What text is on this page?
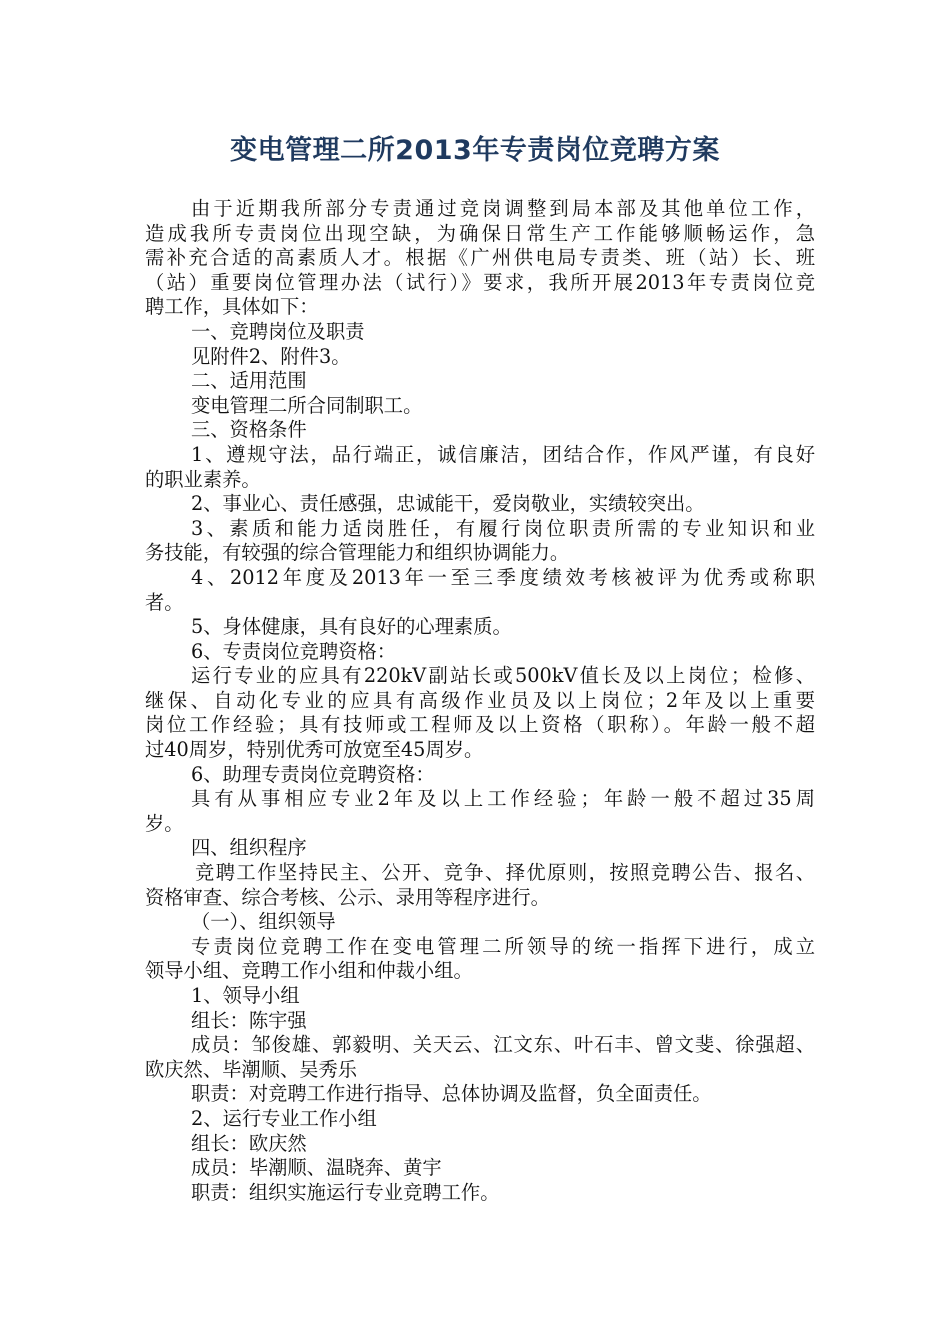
变电管理二所2013年专责岗位竞聘方案
由于近期我所部分专责通过竞岗调整到局本部及其他单位工作，
造成我所专责岗位出现空缺，为确保日常生产工作能够顺畅运作，急
需补充合适的高素质人才。根据《广州供电局专责类、班（站）长、班
（站）重要岗位管理办法（试行）》要求，我所开展2013年专责岗位竞
聘工作，具体如下：
一、竞聘岗位及职责
见附件2、附件3。
二、适用范围
变电管理二所合同制职工。
三、资格条件
1、遵规守法，品行端正，诚信廉洁，团结合作，作风严谨，有良好
的职业素养。
2、事业心、责任感强，忠诚能干，爱岗敬业，实绩较突出。
3、素质和能力适岗胜任，有履行岗位职责所需的专业知识和业
务技能，有较强的综合管理能力和组织协调能力。
4、2012年度及2013年一至三季度绩效考核被评为优秀或称职
者。
5、身体健康，具有良好的心理素质。
6、专责岗位竞聘资格：
运行专业的应具有220kV副站长或500kV值长及以上岗位；检修、
继保、自动化专业的应具有高级作业员及以上岗位；2年及以上重要
岗位工作经验；具有技师或工程师及以上资格（职称）。年龄一般不超
过40周岁，特别优秀可放宽至45周岁。
6、助理专责岗位竞聘资格：
具有从事相应专业2年及以上工作经验；年龄一般不超过35周
岁。
四、组织程序
竞聘工作坚持民主、公开、竞争、择优原则，按照竞聘公告、报名、
资格审查、综合考核、公示、录用等程序进行。
（一）、组织领导
专责岗位竞聘工作在变电管理二所领导的统一指挥下进行，成立
领导小组、竞聘工作小组和仲裁小组。
1、领导小组
组长：陈宇强
成员：邹俊雄、郭毅明、关天云、江文东、叶石丰、曾文斐、徐强超、
欧庆然、毕潮顺、吴秀乐
职责：对竞聘工作进行指导、总体协调及监督，负全面责任。
2、运行专业工作小组
组长：欧庆然
成员：毕潮顺、温晓奔、黄宇
职责：组织实施运行专业竞聘工作。
